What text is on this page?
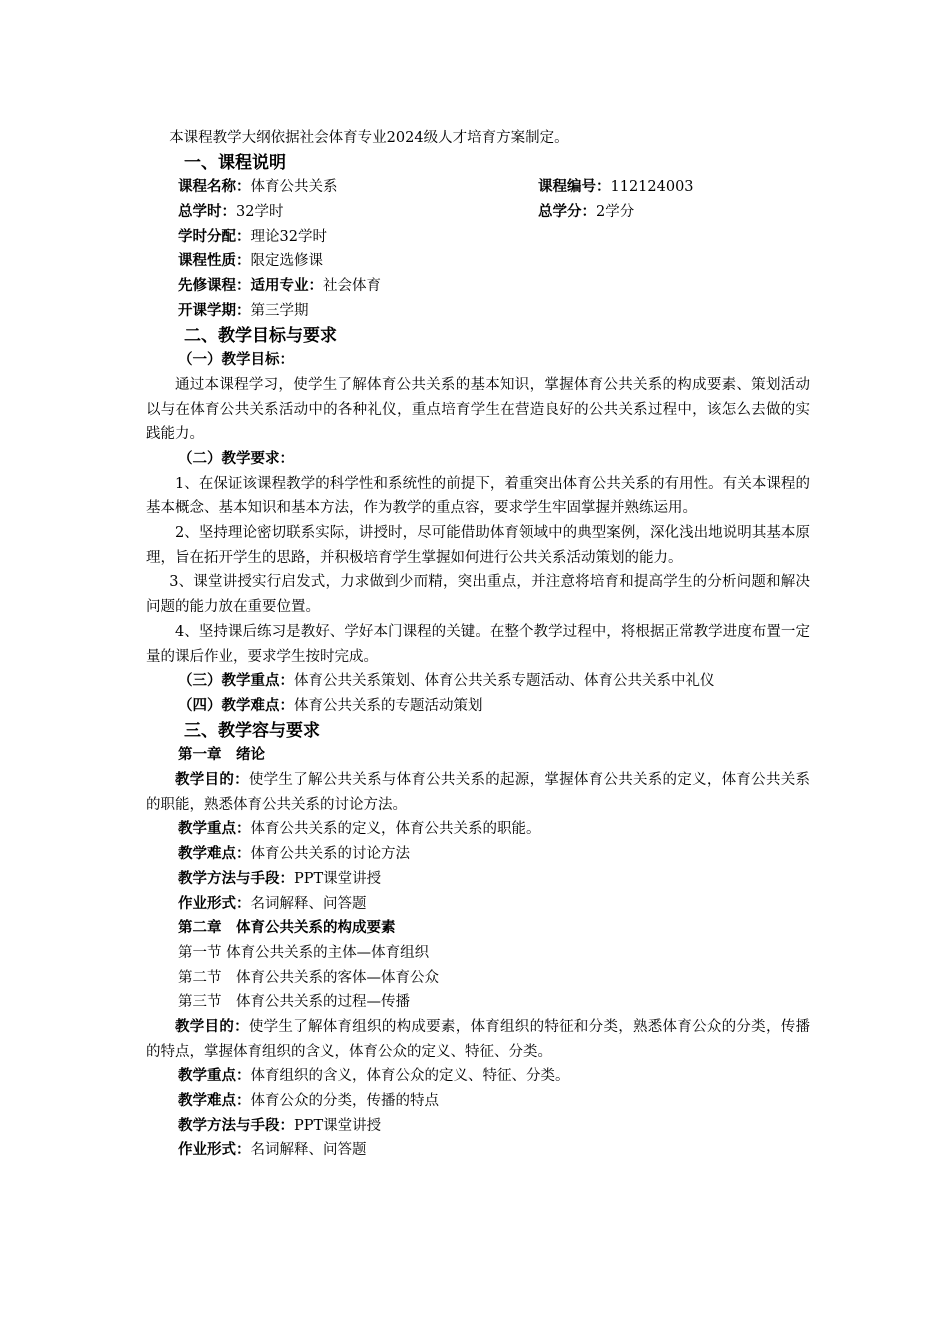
本课程教学大纲依据社会体育专业2024级人才培育方案制定。
一、课程说明
课程名称：体育公共关系	课程编号：112124003
总学时：32学时	总学分：2学分
学时分配：理论32学时
课程性质：限定选修课
先修课程：适用专业：社会体育
开课学期：第三学期
二、教学目标与要求
（一）教学目标：
通过本课程学习，使学生了解体育公共关系的基本知识，掌握体育公共关系的构成要素、策划活动以与在体育公共关系活动中的各种礼仪，重点培育学生在营造良好的公共关系过程中，该怎么去做的实践能力。
（二）教学要求：
1、在保证该课程教学的科学性和系统性的前提下，着重突出体育公共关系的有用性。有关本课程的基本概念、基本知识和基本方法，作为教学的重点容，要求学生牢固掌握并熟练运用。
2、坚持理论密切联系实际，讲授时，尽可能借助体育领域中的典型案例，深化浅出地说明其基本原理，旨在拓开学生的思路，并积极培育学生掌握如何进行公共关系活动策划的能力。
3、课堂讲授实行启发式，力求做到少而精，突出重点，并注意将培育和提高学生的分析问题和解决问题的能力放在重要位置。
4、坚持课后练习是教好、学好本门课程的关键。在整个教学过程中，将根据正常教学进度布置一定量的课后作业，要求学生按时完成。
（三）教学重点：体育公共关系策划、体育公共关系专题活动、体育公共关系中礼仪
（四）教学难点：体育公共关系的专题活动策划
三、教学容与要求
第一章　绪论
教学目的：使学生了解公共关系与体育公共关系的起源，掌握体育公共关系的定义，体育公共关系的职能，熟悉体育公共关系的讨论方法。
教学重点：体育公共关系的定义，体育公共关系的职能。
教学难点：体育公共关系的讨论方法
教学方法与手段：PPT课堂讲授
作业形式：名词解释、问答题
第二章　体育公共关系的构成要素
第一节 体育公共关系的主体—体育组织
第二节　体育公共关系的客体—体育公众
第三节　体育公共关系的过程—传播
教学目的：使学生了解体育组织的构成要素，体育组织的特征和分类，熟悉体育公众的分类，传播的特点，掌握体育组织的含义，体育公众的定义、特征、分类。
教学重点：体育组织的含义，体育公众的定义、特征、分类。
教学难点：体育公众的分类，传播的特点
教学方法与手段：PPT课堂讲授
作业形式：名词解释、问答题
